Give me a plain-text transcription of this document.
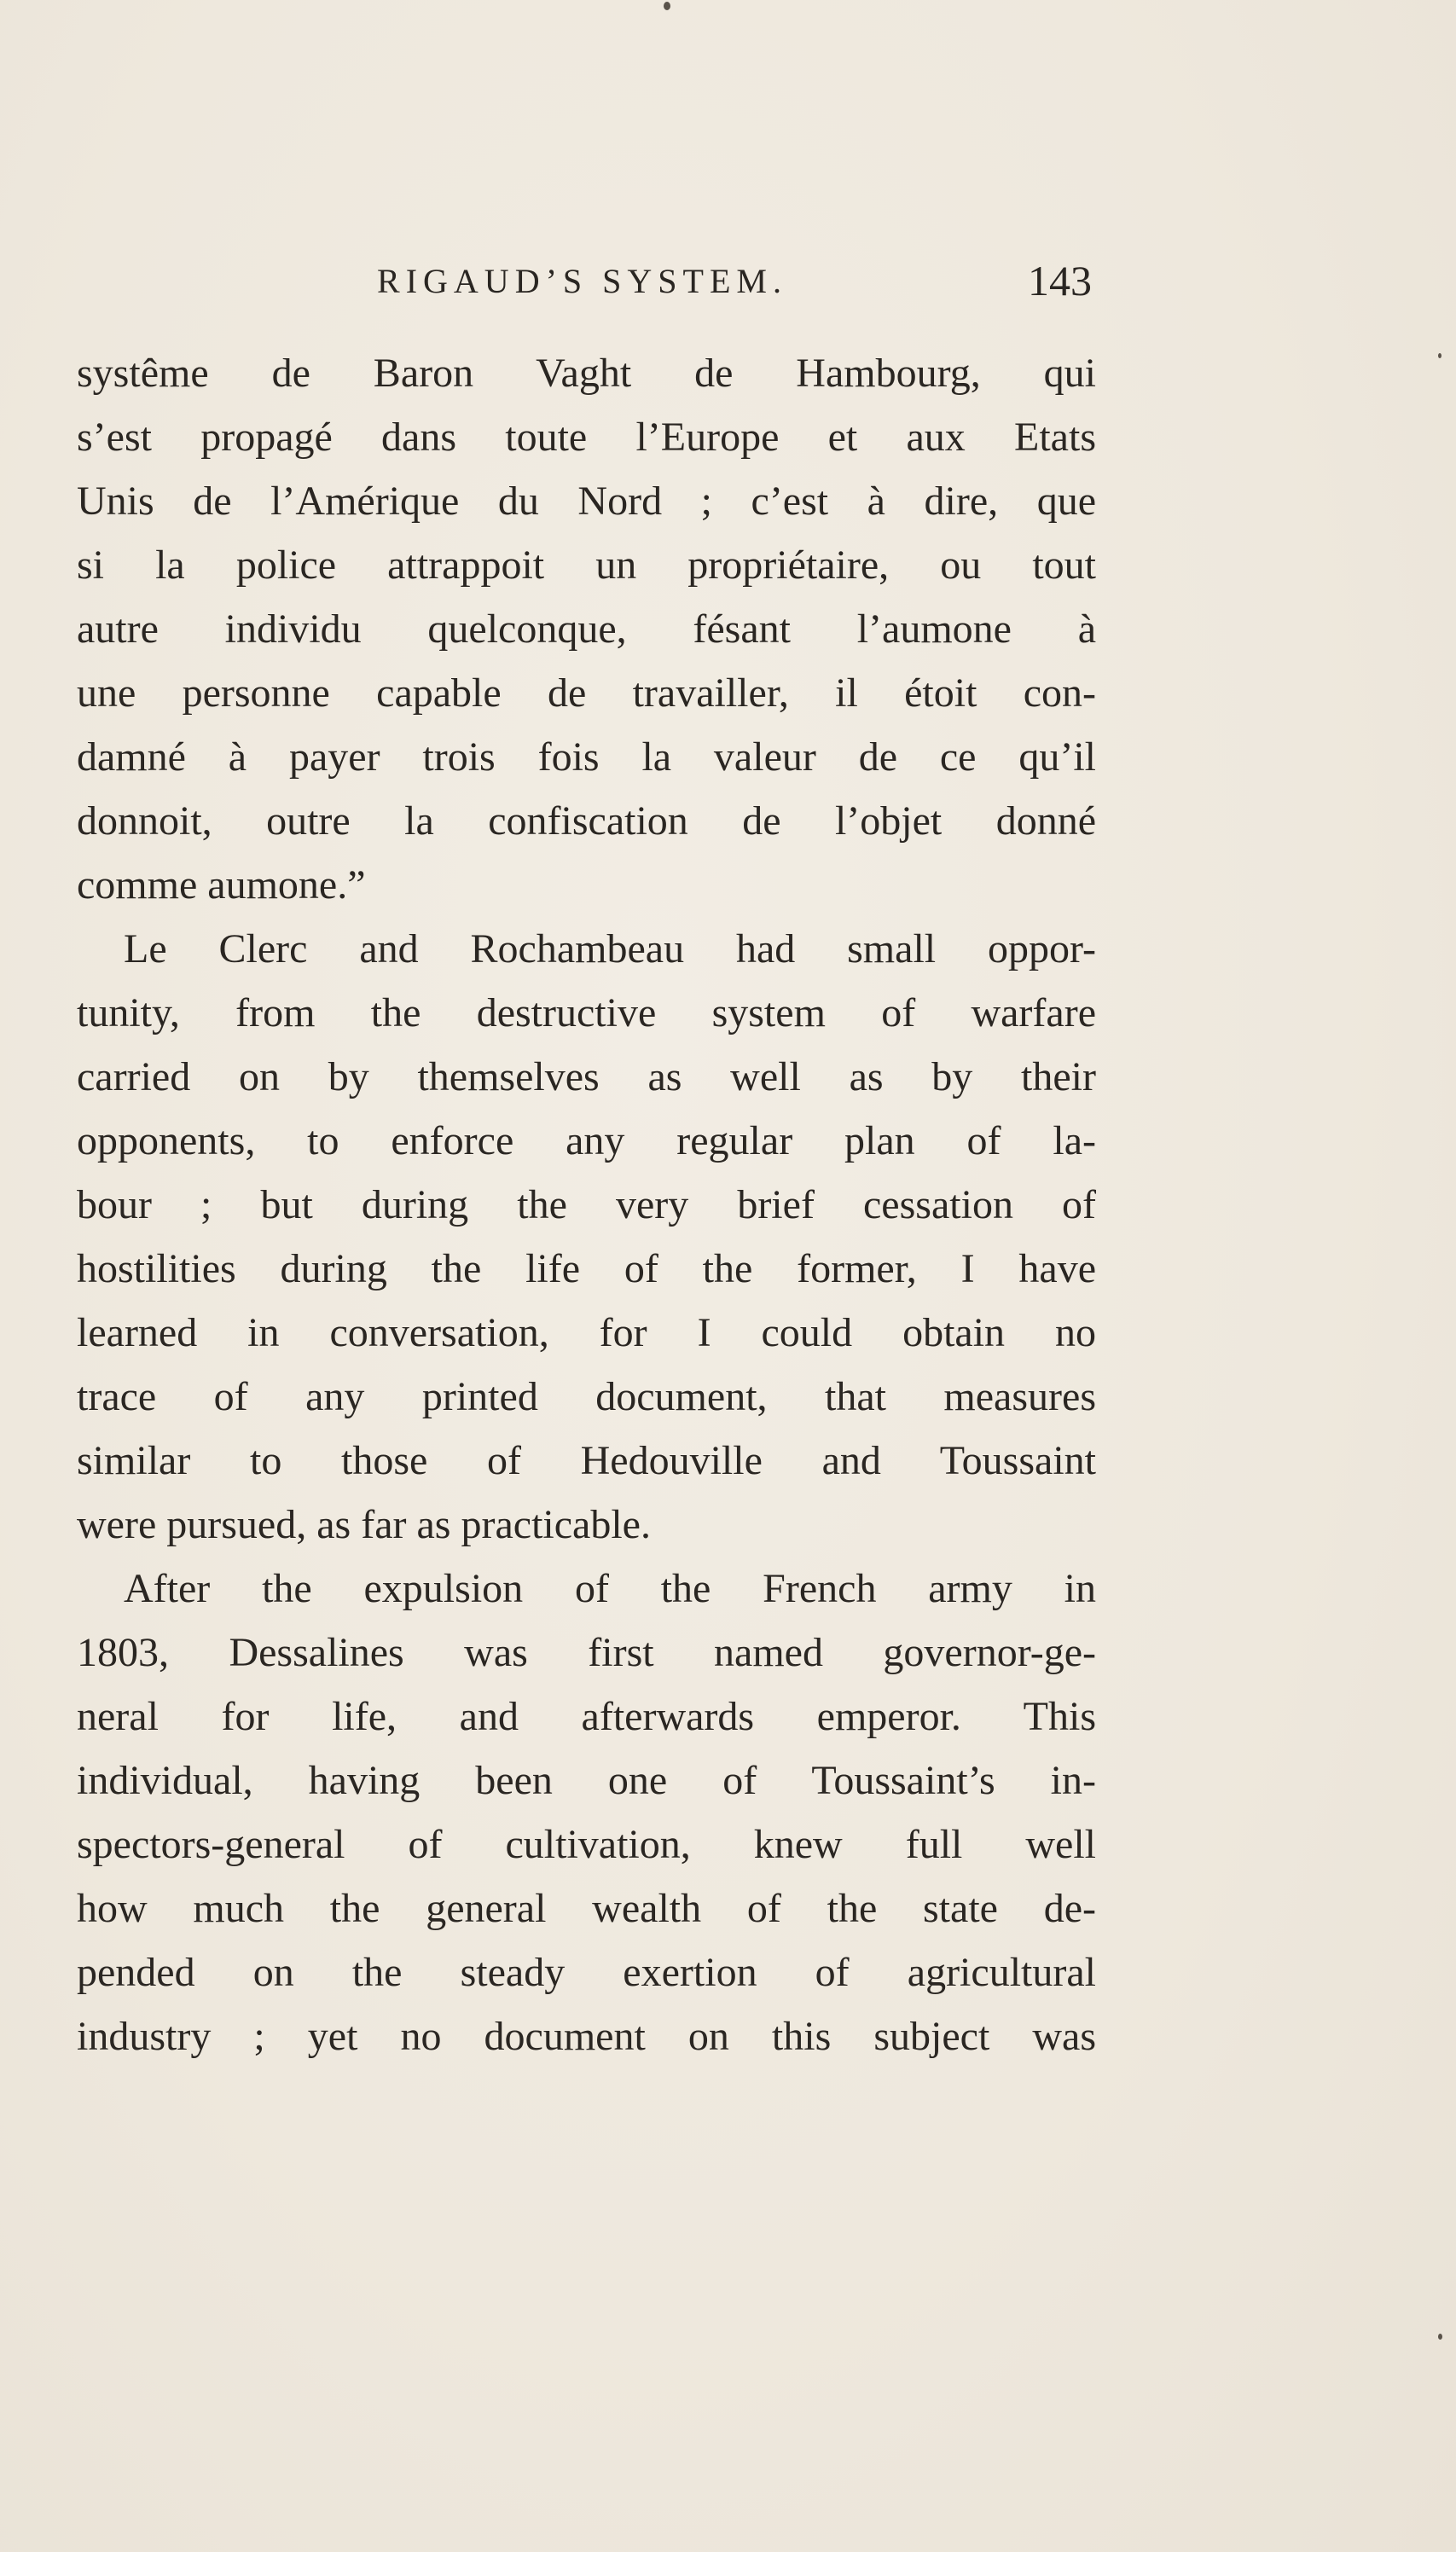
RIGAUD’S SYSTEM.	143
systême de Baron Vaght de Hambourg, qui
s’est propagé dans toute l’Europe et aux Etats
Unis de l’Amérique du Nord ; c’est à dire, que
si la police attrappoit un propriétaire, ou tout
autre individu quelconque, fésant l’aumone à
une personne capable de travailler, il étoit con-
damné à payer trois fois la valeur de ce qu’il
donnoit, outre la confiscation de l’objet donné
comme aumone.”
Le Clerc and Rochambeau had small oppor-
tunity, from the destructive system of warfare
carried on by themselves as well as by their
opponents, to enforce any regular plan of la-
bour ; but during the very brief cessation of
hostilities during the life of the former, I have
learned in conversation, for I could obtain no
trace of any printed document, that measures
similar to those of Hedouville and Toussaint
were pursued, as far as practicable.
After the expulsion of the French army in
1803, Dessalines was first named governor-ge-
neral for life, and afterwards emperor. This
individual, having been one of Toussaint’s in-
spectors-general of cultivation, knew full well
how much the general wealth of the state de-
pended on the steady exertion of agricultural
industry ; yet no document on this subject was
